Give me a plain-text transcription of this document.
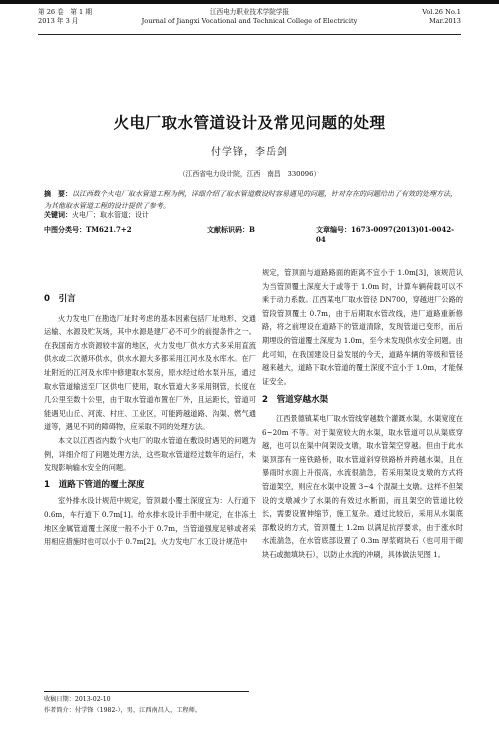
第 26 卷　第 1 期
2013 年 3 月
江西电力职业技术学院学报
Journal of Jiangxi Vocational and Technical College of Electricity
Vol.26 No.1
Mar.2013
火电厂取水管道设计及常见问题的处理
付学锋，李岳剑
（江西省电力设计院，江西　南昌　330096）
摘　要：以江西数个火电厂取水管道工程为例，详细介绍了取水管道敷设时容易遇见的问题，针对存在的问题给出了有效的处理方法，为其他取水管道工程的设计提供了参考。
关键词：火电厂；取水管道；设计
中图分类号：TM621.7+2	文献标识码：B	文章编号：1673-0097(2013)01-0042-04
0　引言

火力发电厂在勘选厂址时考虑的基本因素包括厂址地形、交通运输、水源及贮灰场，其中水源是建厂必不可少的前提条件之一。在我国南方水资源较丰富的地区，火力发电厂供水方式多采用直流供水或二次循环供水，供水水源大多都采用江河水及水库水。在厂址附近的江河及水库中修建取水泵房，原水经过给水泵升压，通过取水管道输送至厂区供电厂使用，取水管道大多采用钢管，长度在几公里至数十公里，由于取水管道布置在厂外，且运距长，管道可能遇见山丘、河流、村庄、工业区，可能跨越道路、沟渠、燃气通道等，遇见不同的障碍物，应采取不同的处理方法。

本文以江西省内数个火电厂的取水管道在敷设时遇见的问题为例，详细介绍了问题处理方法，这些取水管道经过数年的运行，未发现影响输水安全的问题。

1　道路下管道的覆土深度

室外排水设计规范中规定，管顶最小覆土深度宜为：人行道下 0.6m，车行道下 0.7m[1]。给水排水设计手册中规定，在非冻土地区金属管道覆土深度一般不小于 0.7m，当管道强度足够或者采用相应措施时也可以小于 0.7m[2]。火力发电厂水工设计规范中

规定，管顶面与道路路面的距离不宜小于 1.0m[3]，该规范认为当管顶覆土深度大于或等于 1.0m 时，计算车辆荷载可以不乘于动力系数。江西某电厂取水管径 DN700，穿越进厂公路的管段管顶覆土 0.7m，由于后期取水管改线，进厂道路重新修路，将之前埋设在道路下的管道清除，发现管道已变形，而后期埋设的管道覆土深度为 1.0m，至今未发现供水安全问题。由此可知，在我国建设日益发展的今天，道路车辆的等级和管径越来越大，道路下取水管道的覆土深度不宜小于 1.0m，才能保证安全。

2　管道穿越水渠

江西景德镇某电厂取水管线穿越数个灌溉水渠，水渠宽度在 6~20m 不等。对于渠宽较大的水渠，取水管道可以从渠底穿越，也可以在渠中间架设支墩，取水管架空穿越。但由于此水渠顶部有一座铁路桥，取水管道斜穿铁路桥并跨越水渠，且在暴雨时水面上升很高，水流很湍急，若采用架设支墩的方式将管道架空，则应在水渠中设置 3~4 个混凝土支墩。这样不但架设的支墩减少了水渠的有效过水断面，而且架空的管道比较长，需要设置伸缩节，施工复杂。通过比较后，采用从水渠底部敷设的方式，管顶覆土 1.2m 以满足抗浮要求，由于涨水时水流湍急，在水管底部设置了 0.3m 厚浆砌块石（也可用干砌块石或抛填块石），以防止水流的冲刷，具体做法见图 1。

收稿日期：2013-02-10
作者简介：付学锋（1982-），男，江西南昌人，工程师。
